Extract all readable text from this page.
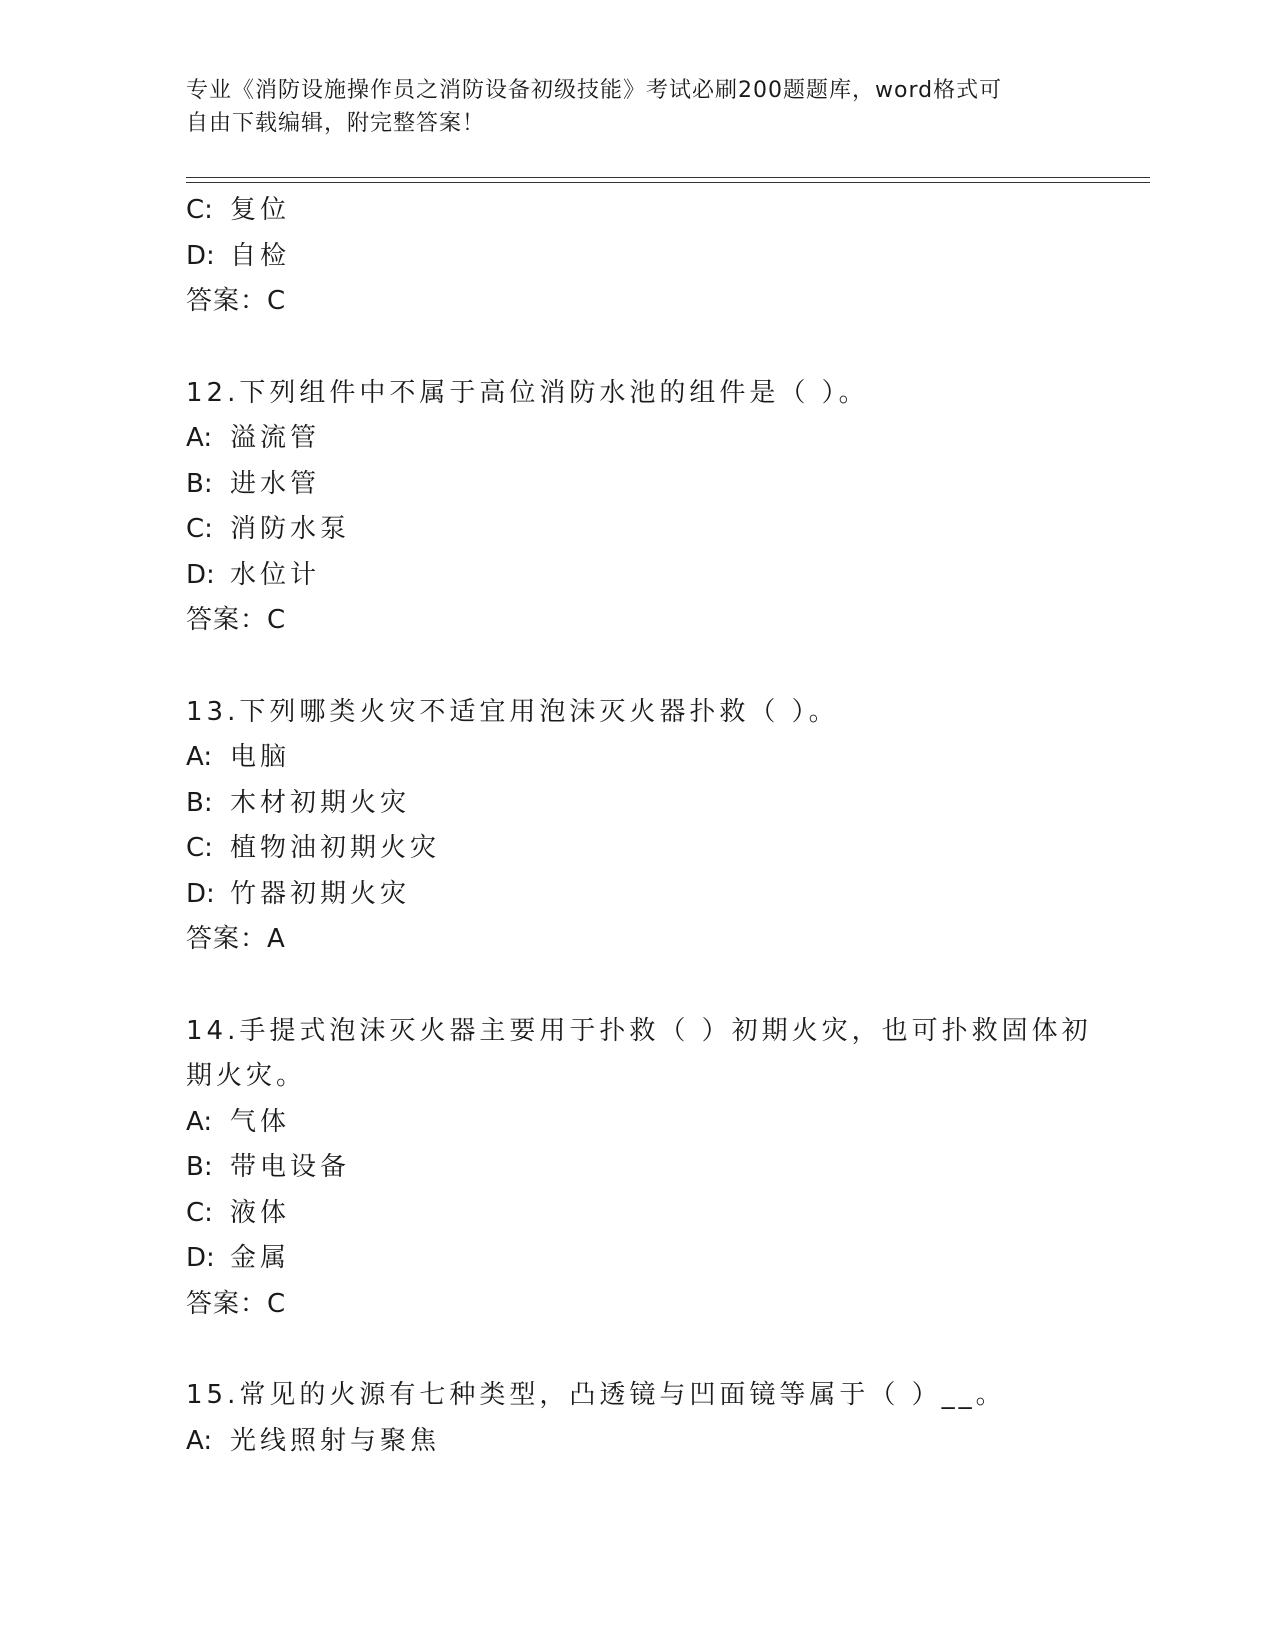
专业《消防设施操作员之消防设备初级技能》考试必刷200题题库，word格式可
自由下载编辑，附完整答案！
C: 复位
D: 自检
答案：C
12.下列组件中不属于高位消防水池的组件是（ ）。
A: 溢流管
B: 进水管
C: 消防水泵
D: 水位计
答案：C
13.下列哪类火灾不适宜用泡沫灭火器扑救（ ）。
A: 电脑
B: 木材初期火灾
C: 植物油初期火灾
D: 竹器初期火灾
答案：A
14.手提式泡沫灭火器主要用于扑救（ ）初期火灾，也可扑救固体初
期火灾。
A: 气体
B: 带电设备
C: 液体
D: 金属
答案：C
15.常见的火源有七种类型，凸透镜与凹面镜等属于（ ）__。
A: 光线照射与聚焦
